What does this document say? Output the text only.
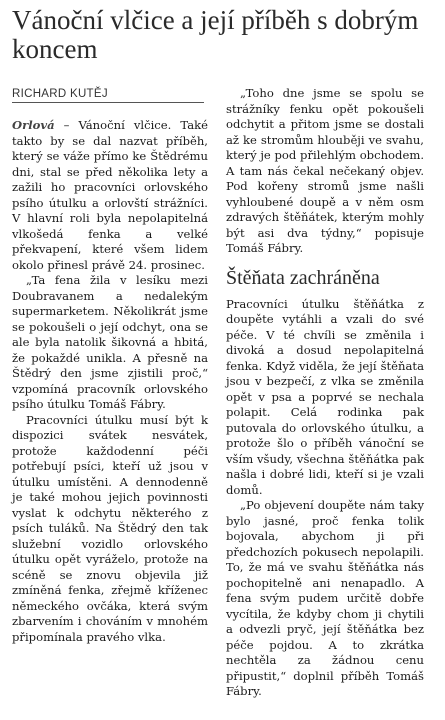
Vánoční vlčice a její příběh s dobrým koncem
RICHARD KUTĚJ

Orlová – Vánoční vlčice. Také takto by se dal nazvat příběh, který se váže přímo ke Štědrému dni, stal se před několika lety a zažili ho pracovníci orlovského psího útulku a orlovští strážníci. V hlavní roli byla nepolapitelná vlkošedá fenka a velké překvapení, které všem lidem okolo přinesl právě 24. prosinec.

„Ta fena žila v lesíku mezi Doubravanem a nedalekým supermarketem. Několikrát jsme se pokoušeli o její odchyt, ona se ale byla natolik šikovná a hbitá, že pokaždé unikla. A přesně na Štědrý den jsme zjistili proč,“ vzpomíná pracovník orlovského psího útulku Tomáš Fábry.

Pracovníci útulku musí být k dispozici svátek nesvátek, protože každodenní péči potřebují psíci, kteří už jsou v útulku umístěni. A dennodenně je také mohou jejich povinnosti vyslat k odchytu některého z psích tuláků. Na Štědrý den tak služební vozidlo orlovského útulku opět vyráželo, protože na scéně se znovu objevila již zmíněná fenka, zřejmě kříženec německého ovčáka, která svým zbarvením i chováním v mnohém připomínala pravého vlka.

„Toho dne jsme se spolu se strážníky fenku opět pokoušeli odchytit a přitom jsme se dostali až ke stromům hlouběji ve svahu, který je pod přilehlým obchodem. A tam nás čekal nečekaný objev. Pod kořeny stromů jsme našli vyhloubené doupě a v něm osm zdravých štěňátek, kterým mohly být asi dva týdny,“ popisuje Tomáš Fábry.

Štěňata zachráněna

Pracovníci útulku štěňátka z doupěte vytáhli a vzali do své péče. V té chvíli se změnila i divoká a dosud nepolapitelná fenka. Když viděla, že její štěňata jsou v bezpečí, z vlka se změnila opět v psa a poprvé se nechala polapit. Celá rodinka pak putovala do orlovského útulku, a protože šlo o příběh vánoční se vším všudy, všechna štěňátka pak našla i dobré lidi, kteří si je vzali domů.

„Po objevení doupěte nám taky bylo jasné, proč fenka tolik bojovala, abychom ji při předchozích pokusech nepolapili. To, že má ve svahu štěňátka nás pochopitelně ani nenapadlo. A fena svým pudem určitě dobře vycítila, že kdyby chom ji chytili a odvezli pryč, její štěňátka bez péče pojdou. A to zkrátka nechtěla za žádnou cenu připustit,“ doplnil příběh Tomáš Fábry.
